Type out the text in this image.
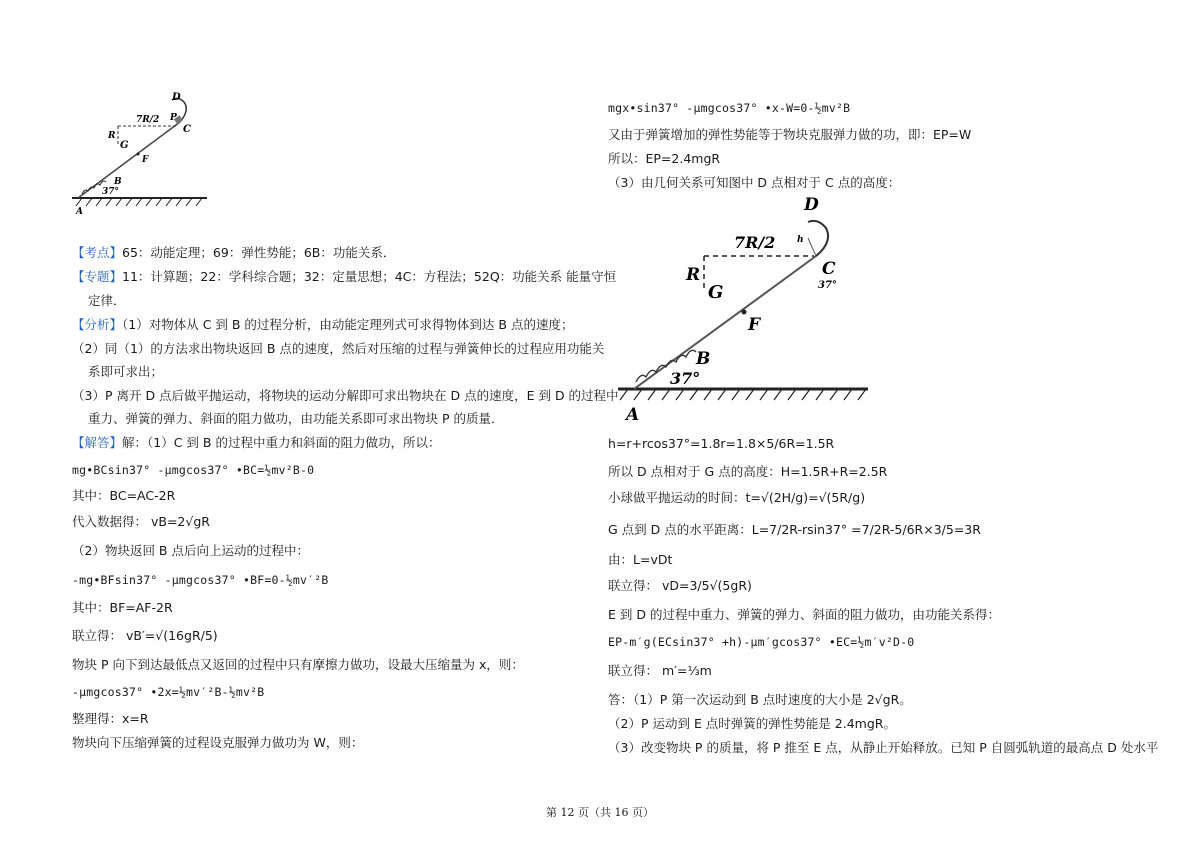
D
7R/2 P
C
R
G
F
B
37°
A
【考点】65：动能定理；69：弹性势能；6B：功能关系．
【专题】11：计算题；22：学科综合题；32：定量思想；4C：方程法；52Q：功能关系 能量守恒
定律．
【分析】（1）对物体从 C 到 B 的过程分析，由动能定理列式可求得物体到达 B 点的速度；
（2）同（1）的方法求出物块返回 B 点的速度，然后对压缩的过程与弹簧伸长的过程应用功能关
系即可求出；
（3）P 离开 D 点后做平抛运动，将物块的运动分解即可求出物块在 D 点的速度，E 到 D 的过程中
重力、弹簧的弹力、斜面的阻力做功，由功能关系即可求出物块 P 的质量．
【解答】解：（1）C 到 B 的过程中重力和斜面的阻力做功，所以：
mg•BCsin37° -μmgcos37° •BC=½mv²B-0
其中：BC=AC-2R
代入数据得： vB=2√gR
（2）物块返回 B 点后向上运动的过程中：
-mg•BFsin37° -μmgcos37° •BF=0-½mv′²B
其中：BF=AF-2R
联立得： vB′=√(16gR/5)
物块 P 向下到达最低点又返回的过程中只有摩擦力做功，设最大压缩量为 x，则：
-μmgcos37° •2x=½mv′²B-½mv²B
整理得：x=R
物块向下压缩弹簧的过程设克服弹力做功为 W，则：
mgx•sin37° -μmgcos37° •x-W=0-½mv²B
又由于弹簧增加的弹性势能等于物块克服弹力做的功，即：EP=W
所以：EP=2.4mgR
（3）由几何关系可知图中 D 点相对于 C 点的高度：
D
7R/2 h
C
37°
R
G
F
B
37°
A
h=r+rcos37°=1.8r=1.8×5/6R=1.5R
所以 D 点相对于 G 点的高度：H=1.5R+R=2.5R
小球做平抛运动的时间：t=√(2H/g)=√(5R/g)
G 点到 D 点的水平距离：L=7/2R-rsin37° =7/2R-5/6R×3/5=3R
由：L=vDt
联立得： vD=3/5√(5gR)
E 到 D 的过程中重力、弹簧的弹力、斜面的阻力做功，由功能关系得：
EP-m′g(ECsin37° +h)-μm′gcos37° •EC=½m′v²D-0
联立得： m′=⅓m
答：（1）P 第一次运动到 B 点时速度的大小是 2√gR。
（2）P 运动到 E 点时弹簧的弹性势能是 2.4mgR。
（3）改变物块 P 的质量，将 P 推至 E 点，从静止开始释放。已知 P 自圆弧轨道的最高点 D 处水平
第 12 页（共 16 页）
